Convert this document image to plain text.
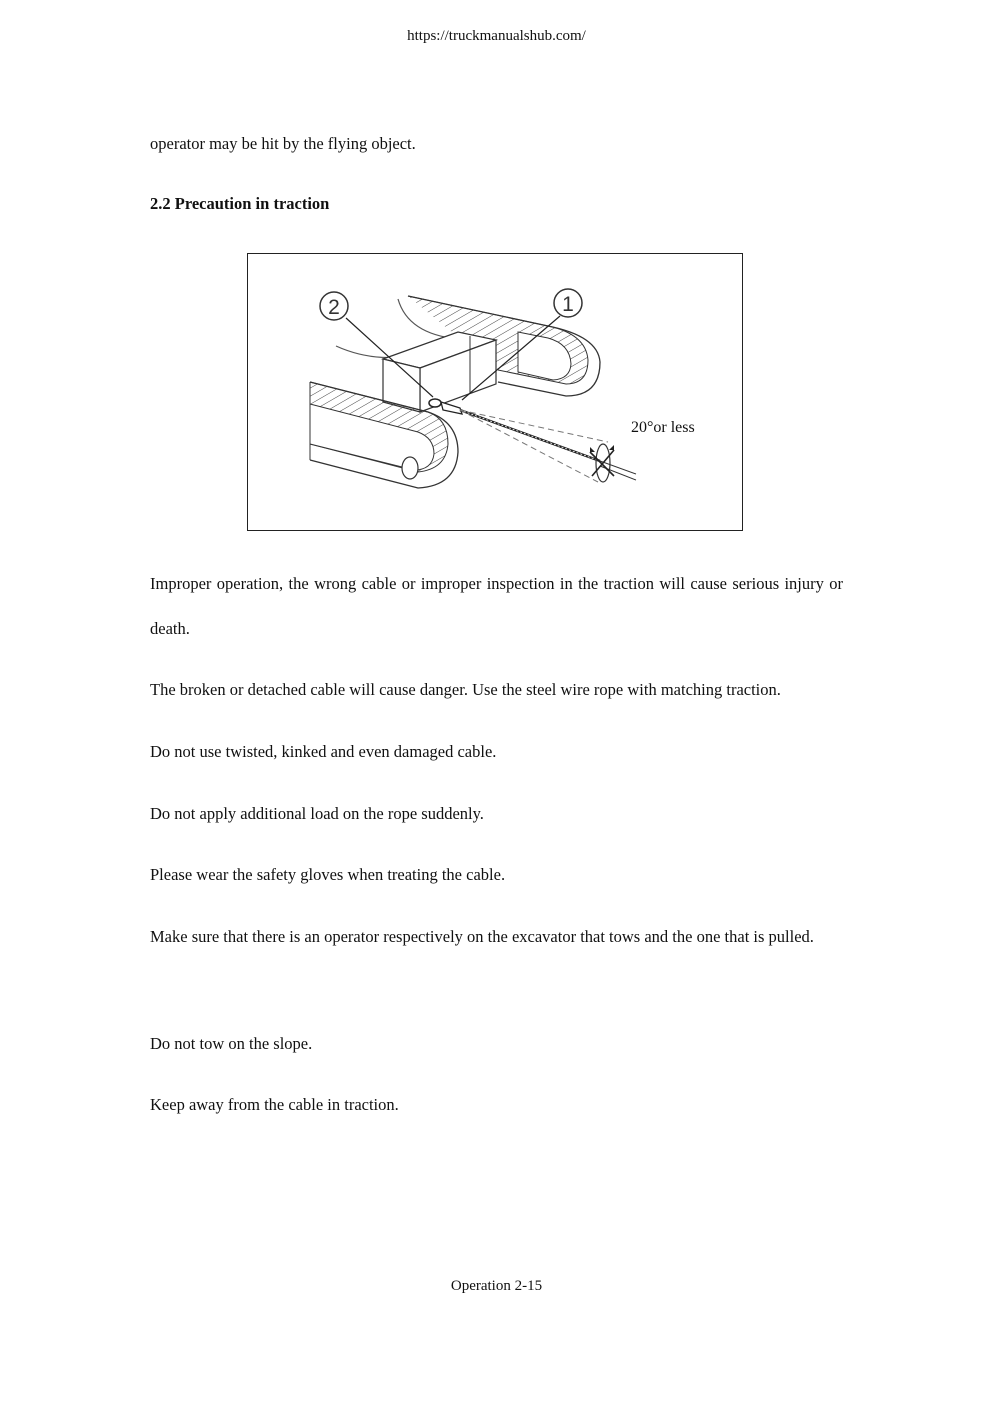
https://truckmanualshub.com/

operator may be hit by the flying object.

2.2 Precaution in traction
2	1
20°or less

Improper operation, the wrong cable or improper inspection in the traction will cause serious injury or death.

The broken or detached cable will cause danger. Use the steel wire rope with matching traction.

Do not use twisted, kinked and even damaged cable.

Do not apply additional load on the rope suddenly.

Please wear the safety gloves when treating the cable.

Make sure that there is an operator respectively on the excavator that tows and the one that is pulled.

Do not tow on the slope.

Keep away from the cable in traction.

Operation 2-15
